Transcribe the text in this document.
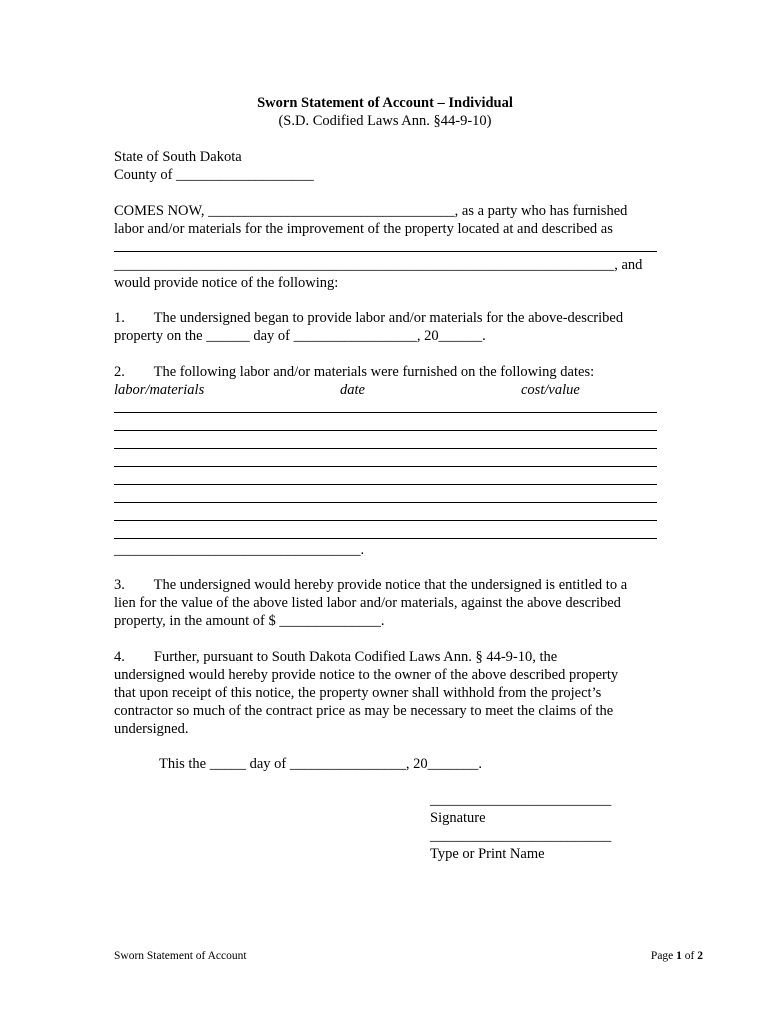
Sworn Statement of Account – Individual
(S.D. Codified Laws Ann. §44-9-10)
State of South Dakota
County of ___________________
COMES NOW, __________________________________, as a party who has furnished
labor and/or materials for the improvement of the property located at and described as
_____________________________________________________________________, and
would provide notice of the following:
1.        The undersigned began to provide labor and/or materials for the above-described
property on the ______ day of _________________, 20______.
2.        The following labor and/or materials were furnished on the following dates:
labor/materials	date	cost/value
__________________________________.
3.        The undersigned would hereby provide notice that the undersigned is entitled to a
lien for the value of the above listed labor and/or materials, against the above described
property, in the amount of $ ______________.
4.        Further, pursuant to South Dakota Codified Laws Ann. § 44-9-10, the
undersigned would hereby provide notice to the owner of the above described property
that upon receipt of this notice, the property owner shall withhold from the project’s
contractor so much of the contract price as may be necessary to meet the claims of the
undersigned.
This the _____ day of ________________, 20_______.
_________________________
Signature
_________________________
Type or Print Name
Sworn Statement of Account	Page 1 of 2
